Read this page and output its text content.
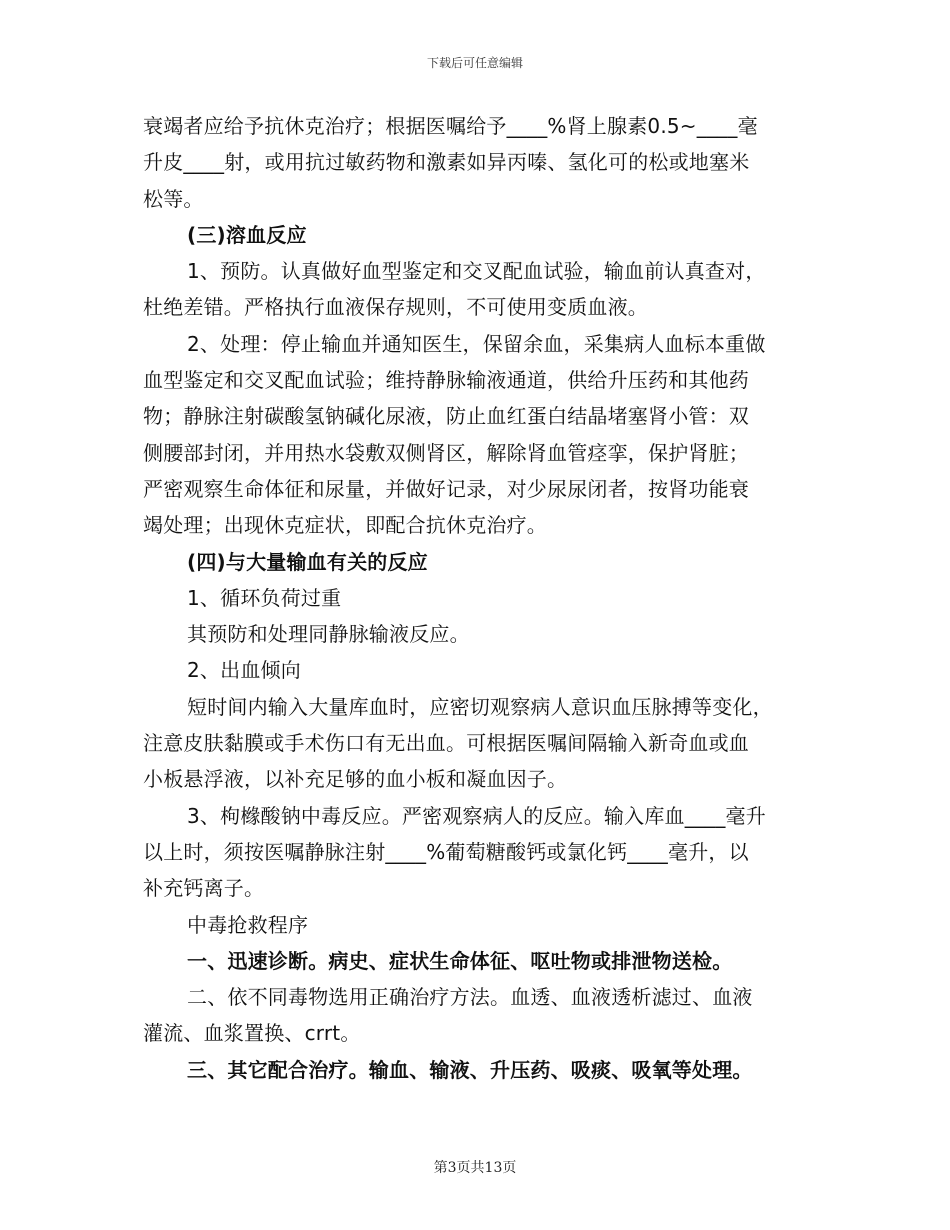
下载后可任意编辑
衰竭者应给予抗休克治疗；根据医嘱给予____%肾上腺素0.5~____毫
升皮____射，或用抗过敏药物和激素如异丙嗪、氢化可的松或地塞米
松等。
(三)溶血反应
1、预防。认真做好血型鉴定和交叉配血试验，输血前认真查对，
杜绝差错。严格执行血液保存规则，不可使用变质血液。
2、处理：停止输血并通知医生，保留余血，采集病人血标本重做
血型鉴定和交叉配血试验；维持静脉输液通道，供给升压药和其他药
物；静脉注射碳酸氢钠碱化尿液，防止血红蛋白结晶堵塞肾小管：双
侧腰部封闭，并用热水袋敷双侧肾区，解除肾血管痉挛，保护肾脏；
严密观察生命体征和尿量，并做好记录，对少尿尿闭者，按肾功能衰
竭处理；出现休克症状，即配合抗休克治疗。
(四)与大量输血有关的反应
1、循环负荷过重
其预防和处理同静脉输液反应。
2、出血倾向
短时间内输入大量库血时，应密切观察病人意识血压脉搏等变化，
注意皮肤黏膜或手术伤口有无出血。可根据医嘱间隔输入新奇血或血
小板悬浮液，以补充足够的血小板和凝血因子。
3、枸橼酸钠中毒反应。严密观察病人的反应。输入库血____毫升
以上时，须按医嘱静脉注射____%葡萄糖酸钙或氯化钙____毫升，以
补充钙离子。
中毒抢救程序
一、迅速诊断。病史、症状生命体征、呕吐物或排泄物送检。
二、依不同毒物选用正确治疗方法。血透、血液透析滤过、血液
灌流、血浆置换、crrt。
三、其它配合治疗。输血、输液、升压药、吸痰、吸氧等处理。
第3页共13页
